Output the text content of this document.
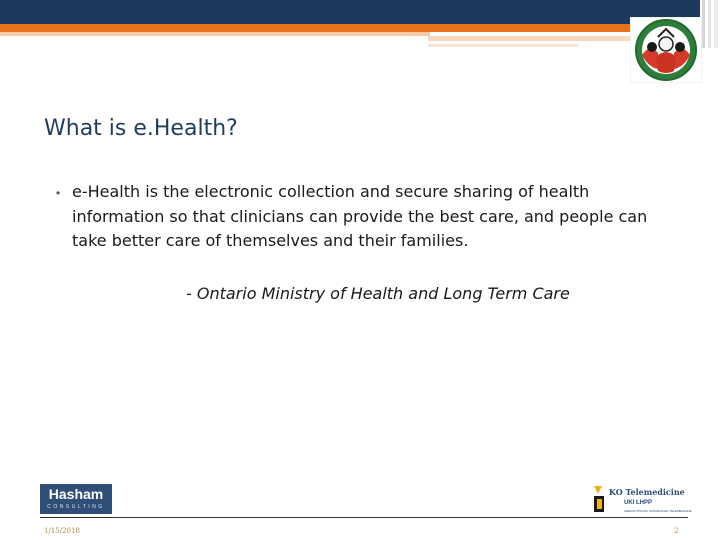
What is e.Health?
• e-Health is the electronic collection and secure sharing of health information so that clinicians can provide the best care, and people can take better care of themselves and their families.
- Ontario Ministry of Health and Long Term Care
Hasham
CONSULTING
KO Telemedicine
UKI LHPP
KEEWAYTINOOK OKIMAKANAK TELEMEDICINE
1/15/2018	2
